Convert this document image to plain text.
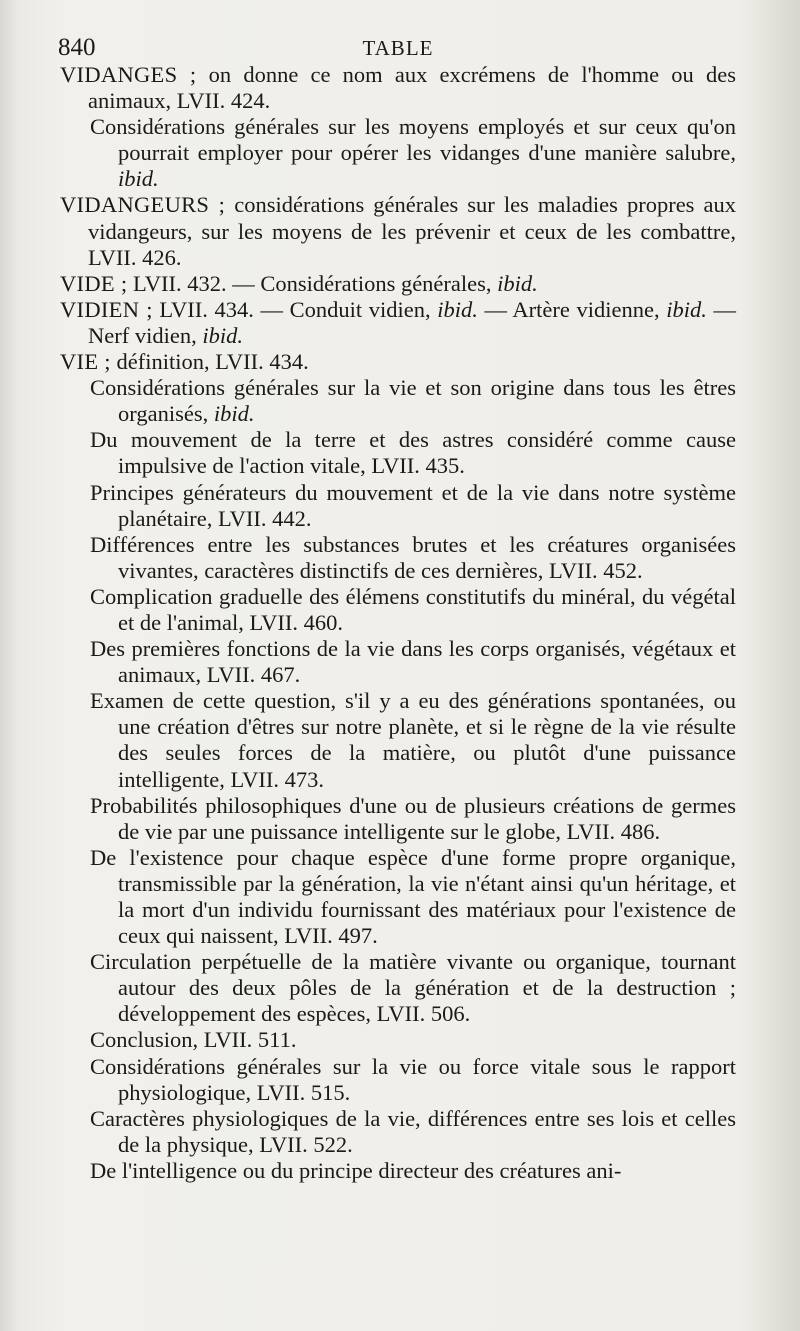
840	TABLE

VIDANGES ; on donne ce nom aux excrémens de l'homme ou des animaux, LVII. 424.

Considérations générales sur les moyens employés et sur ceux qu'on pourrait employer pour opérer les vidanges d'une manière salubre, ibid.

VIDANGEURS ; considérations générales sur les maladies propres aux vidangeurs, sur les moyens de les prévenir et ceux de les combattre, LVII. 426.

VIDE ; LVII. 432. — Considérations générales, ibid.

VIDIEN ; LVII. 434. — Conduit vidien, ibid. — Artère vidienne, ibid. — Nerf vidien, ibid.

VIE ; définition, LVII. 434.

Considérations générales sur la vie et son origine dans tous les êtres organisés, ibid.

Du mouvement de la terre et des astres considéré comme cause impulsive de l'action vitale, LVII. 435.

Principes générateurs du mouvement et de la vie dans notre système planétaire, LVII. 442.

Différences entre les substances brutes et les créatures organisées vivantes, caractères distinctifs de ces dernières, LVII. 452.

Complication graduelle des élémens constitutifs du minéral, du végétal et de l'animal, LVII. 460.

Des premières fonctions de la vie dans les corps organisés, végétaux et animaux, LVII. 467.

Examen de cette question, s'il y a eu des générations spontanées, ou une création d'êtres sur notre planète, et si le règne de la vie résulte des seules forces de la matière, ou plutôt d'une puissance intelligente, LVII. 473.

Probabilités philosophiques d'une ou de plusieurs créations de germes de vie par une puissance intelligente sur le globe, LVII. 486.

De l'existence pour chaque espèce d'une forme propre organique, transmissible par la génération, la vie n'étant ainsi qu'un héritage, et la mort d'un individu fournissant des matériaux pour l'existence de ceux qui naissent, LVII. 497.

Circulation perpétuelle de la matière vivante ou organique, tournant autour des deux pôles de la génération et de la destruction ; développement des espèces, LVII. 506.

Conclusion, LVII. 511.

Considérations générales sur la vie ou force vitale sous le rapport physiologique, LVII. 515.

Caractères physiologiques de la vie, différences entre ses lois et celles de la physique, LVII. 522.

De l'intelligence ou du principe directeur des créatures ani-
